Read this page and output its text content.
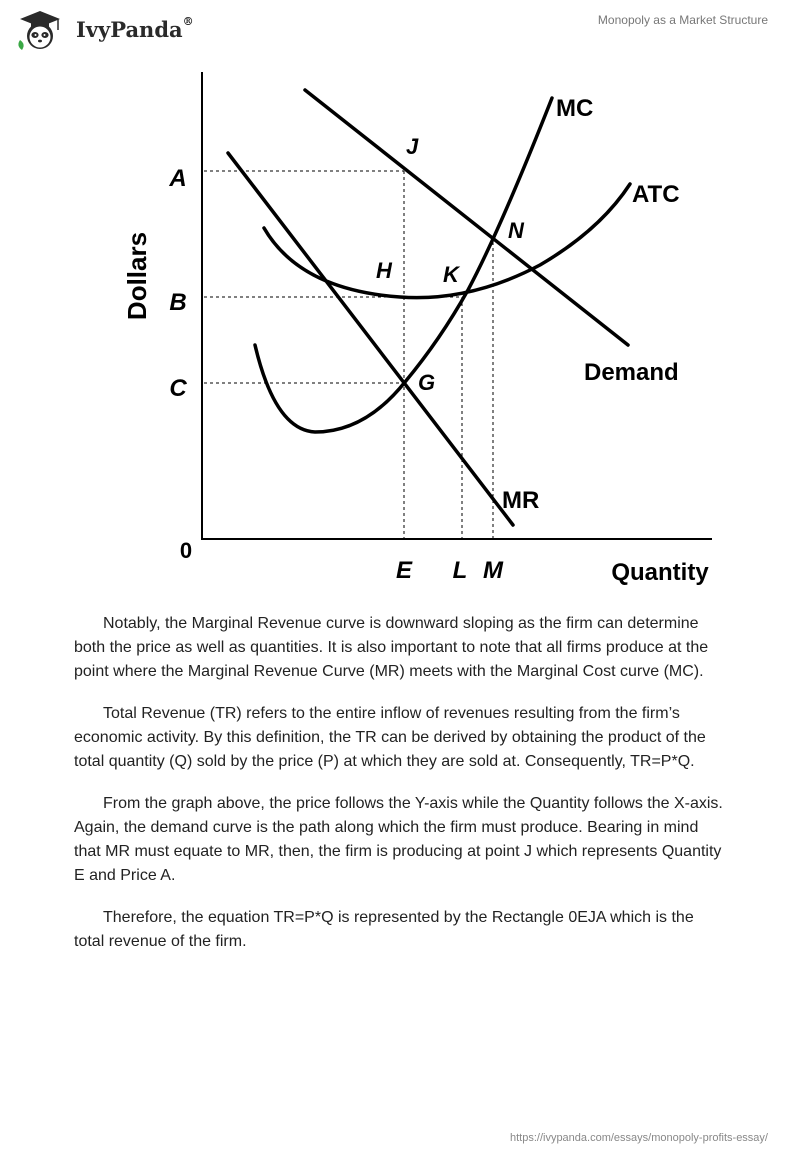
IvyPanda®	Monopoly as a Market Structure
Dollars
Quantity
0
A
B
C
E L M
MC
ATC
Demand
MR
J
N
H K
G

Notably, the Marginal Revenue curve is downward sloping as the firm can determine both the price as well as quantities. It is also important to note that all firms produce at the point where the Marginal Revenue Curve (MR) meets with the Marginal Cost curve (MC).

Total Revenue (TR) refers to the entire inflow of revenues resulting from the firm’s economic activity. By this definition, the TR can be derived by obtaining the product of the total quantity (Q) sold by the price (P) at which they are sold at. Consequently, TR=P*Q.

From the graph above, the price follows the Y-axis while the Quantity follows the X-axis. Again, the demand curve is the path along which the firm must produce. Bearing in mind that MR must equate to MR, then, the firm is producing at point J which represents Quantity E and Price A.

Therefore, the equation TR=P*Q is represented by the Rectangle 0EJA which is the total revenue of the firm.

https://ivypanda.com/essays/monopoly-profits-essay/
